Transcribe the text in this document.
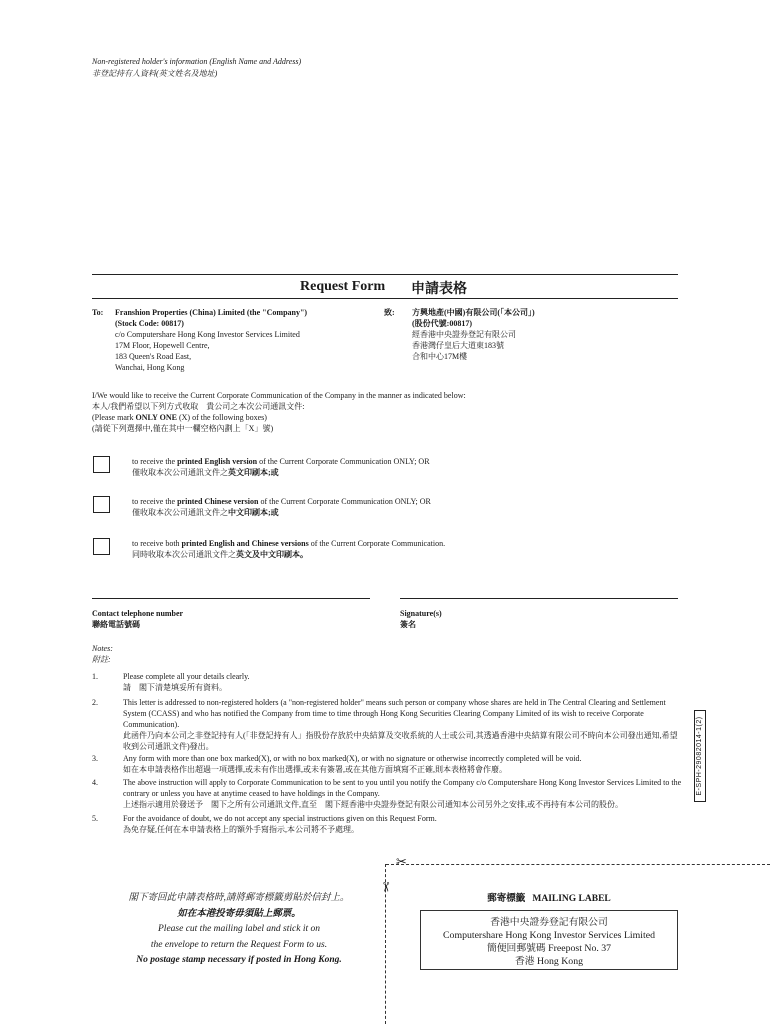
Non-registered holder's information (English Name and Address)
非登記持有人資料(英文姓名及地址)
Request Form 申請表格
To: Franshion Properties (China) Limited (the "Company")
(Stock Code: 00817)
c/o Computershare Hong Kong Investor Services Limited
17M Floor, Hopewell Centre,
183 Queen's Road East,
Wanchai, Hong Kong
致: 方興地產(中國)有限公司(「本公司」)
(股份代號:00817)
經香港中央證券登記有限公司
香港灣仔皇后大道東183號
合和中心17M樓
I/We would like to receive the Current Corporate Communication of the Company in the manner as indicated below:
本人/我們希望以下列方式收取　貴公司之本次公司通訊文件:
(Please mark ONLY ONE (X) of the following boxes)
(請從下列選擇中,僅在其中一欄空格內劃上「X」號)
to receive the printed English version of the Current Corporate Communication ONLY; OR
僅收取本次公司通訊文件之英文印刷本;或
to receive the printed Chinese version of the Current Corporate Communication ONLY; OR
僅收取本次公司通訊文件之中文印刷本;或
to receive both printed English and Chinese versions of the Current Corporate Communication.
同時收取本次公司通訊文件之英文及中文印刷本。
Contact telephone number
聯絡電話號碼
Signature(s)
簽名
Notes:
附註:
1.	Please complete all your details clearly.
請　閣下清楚填妥所有資料。
2.	This letter is addressed to non-registered holders (a "non-registered holder" means such person or company whose shares are held in The Central Clearing and Settlement System (CCASS) and who has notified the Company from time to time through Hong Kong Securities Clearing Company Limited of its wish to receive Corporate Communication).
此函件乃向本公司之非登記持有人(「非登記持有人」指股份存放於中央結算及交收系統的人士或公司,其透過香港中央結算有限公司不時向本公司發出通知,希望收到公司通訊文件)發出。
3.	Any form with more than one box marked(X), or with no box marked(X), or with no signature or otherwise incorrectly completed will be void.
如在本申請表格作出超過一項選擇,或未有作出選擇,或未有簽署,或在其他方面填寫不正確,則本表格將會作廢。
4.	The above instruction will apply to Corporate Communication to be sent to you until you notify the Company c/o Computershare Hong Kong Investor Services Limited to the contrary or unless you have at anytime ceased to have holdings in the Company.
上述指示適用於發送予　閣下之所有公司通訊文件,直至　閣下經香港中央證券登記有限公司通知本公司另外之安排,或不再持有本公司的股份。
5.	For the avoidance of doubt, we do not accept any special instructions given on this Request Form.
為免存疑,任何在本申請表格上的額外手寫指示,本公司將不予處理。
E-SPH-29082014-1(2)
✂
✂
閣下寄回此申請表格時,請將郵寄標籤剪貼於信封上。
如在本港投寄毋須貼上郵票。
Please cut the mailing label and stick it on
the envelope to return the Request Form to us.
No postage stamp necessary if posted in Hong Kong.
郵寄標籤 MAILING LABEL
香港中央證券登記有限公司
Computershare Hong Kong Investor Services Limited
簡便回郵號碼 Freepost No. 37
香港 Hong Kong
